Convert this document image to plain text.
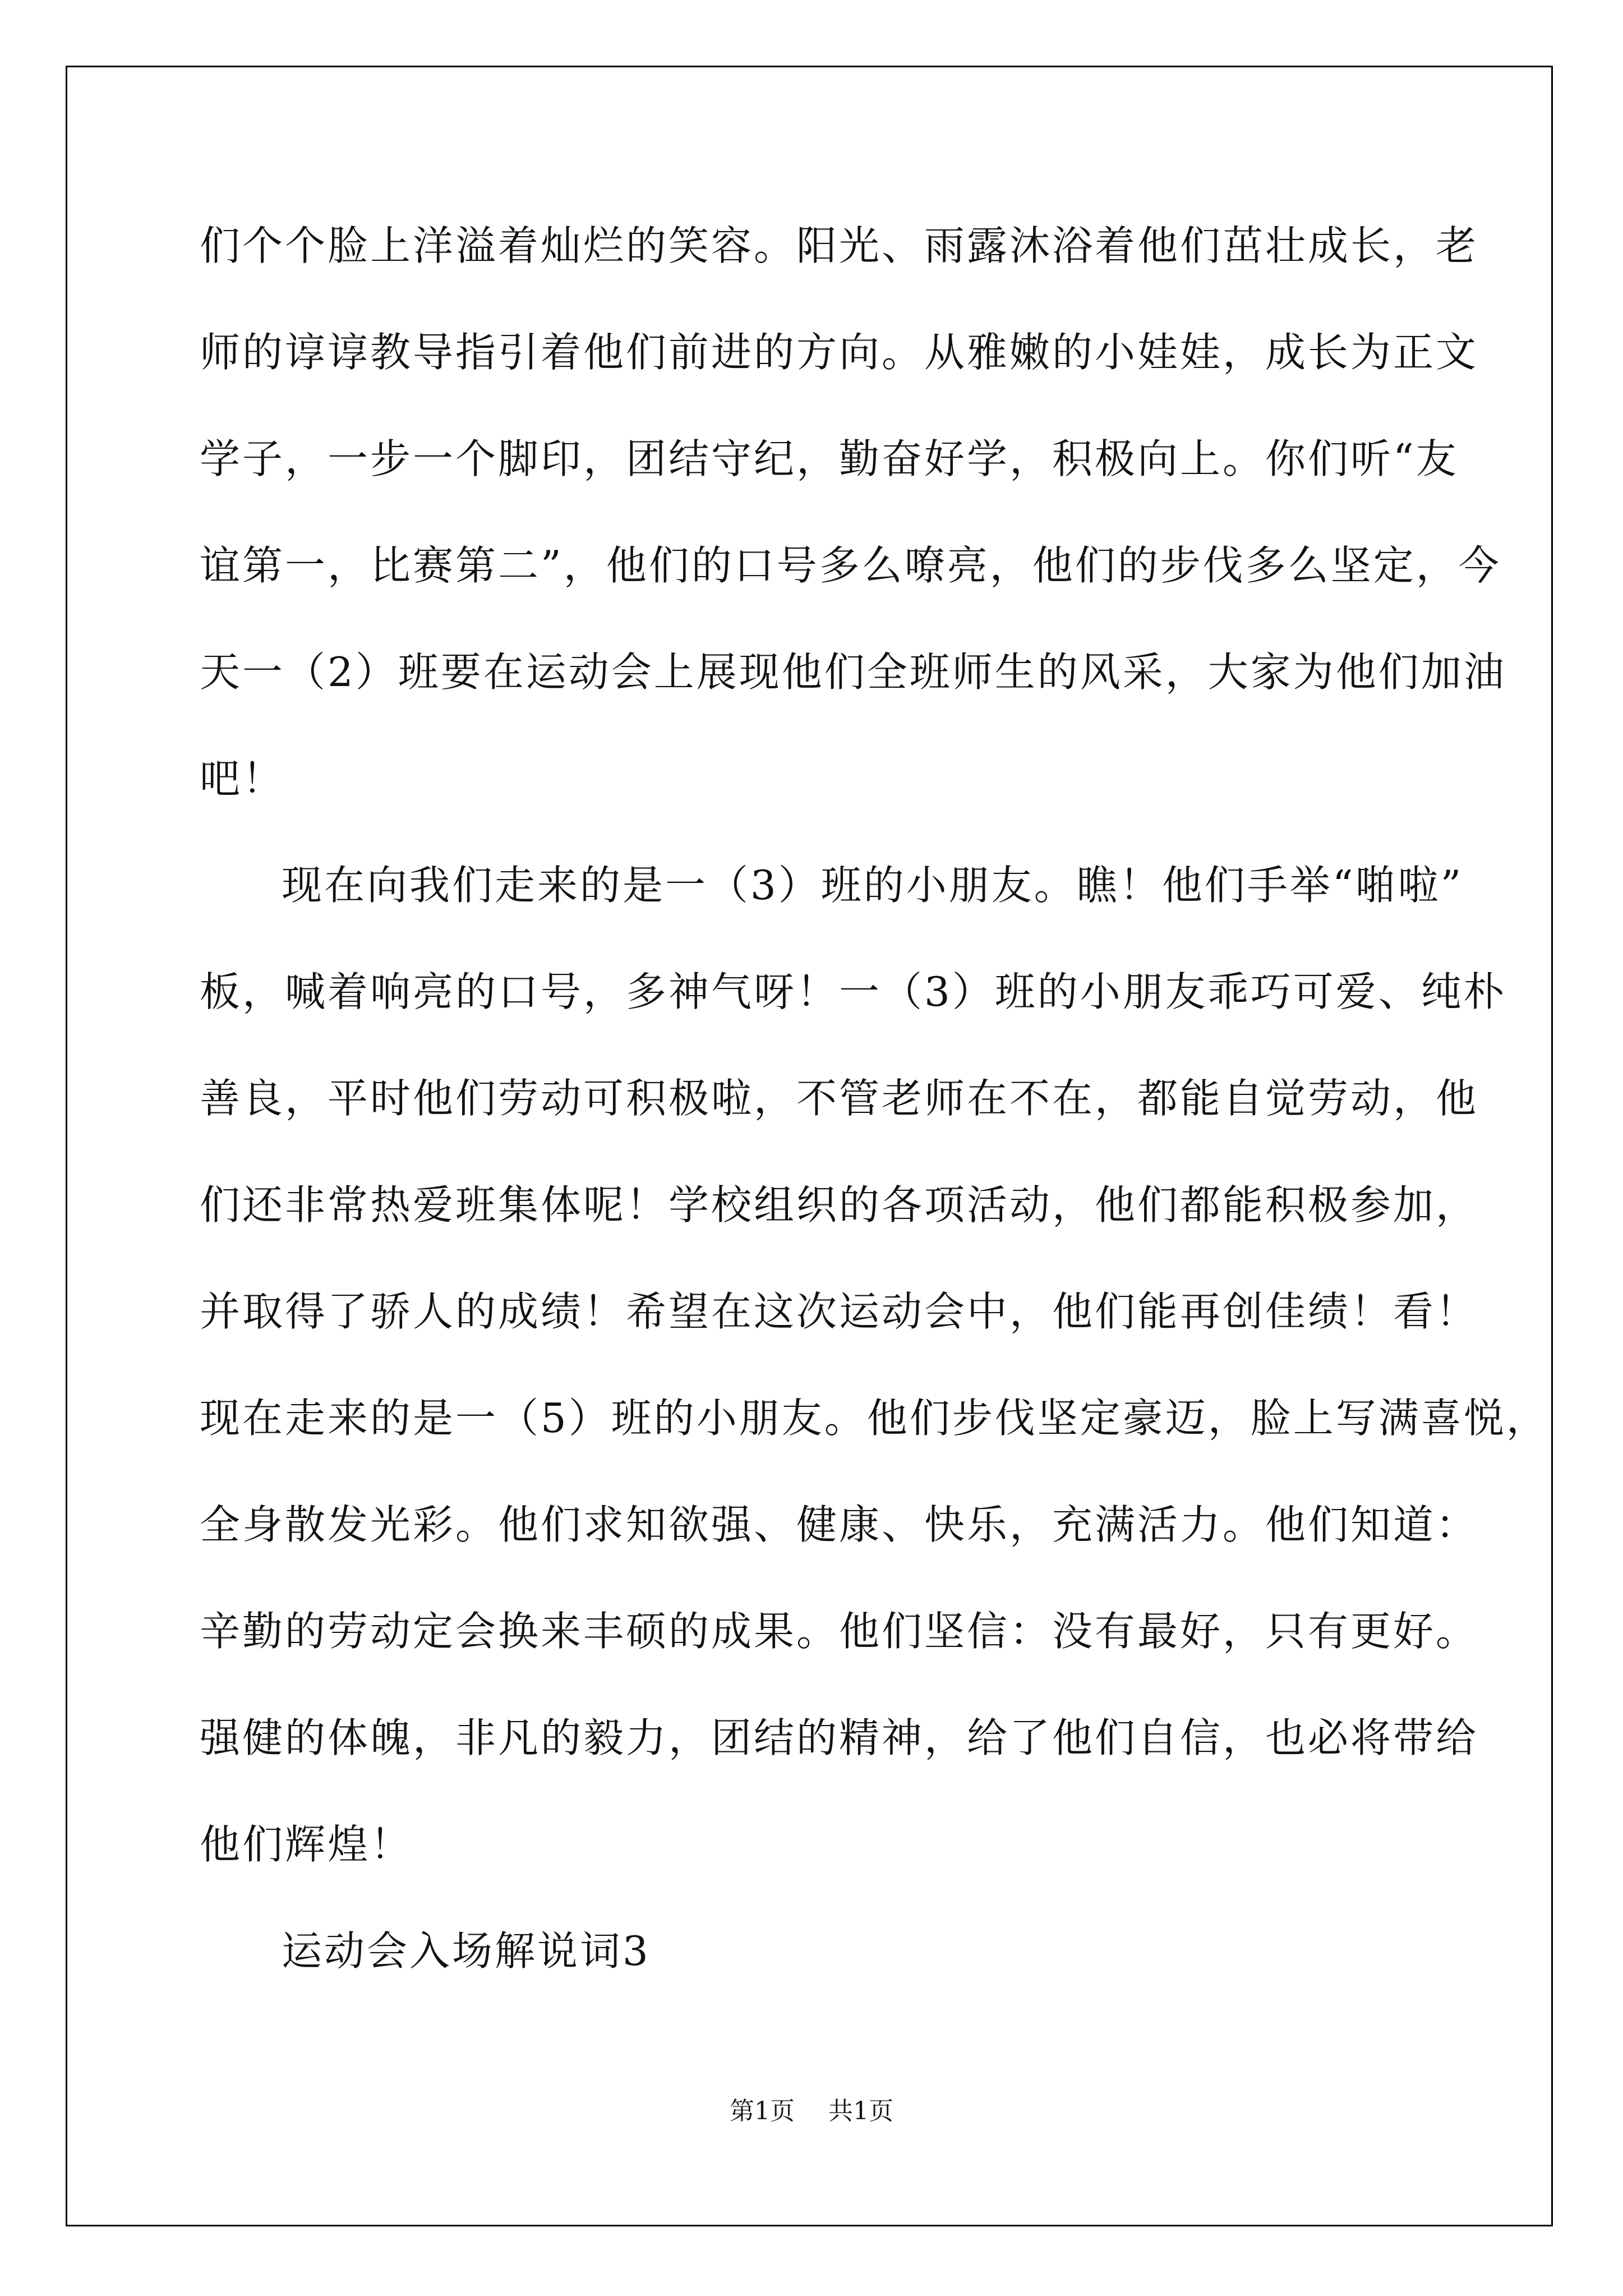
们个个脸上洋溢着灿烂的笑容。阳光、雨露沐浴着他们茁壮成长，老
师的谆谆教导指引着他们前进的方向。从雅嫩的小娃娃，成长为正文
学子，一步一个脚印，团结守纪，勤奋好学，积极向上。你们听“友
谊第一，比赛第二”，他们的口号多么嘹亮，他们的步伐多么坚定，今
天一（2）班要在运动会上展现他们全班师生的风采，大家为他们加油
吧！
现在向我们走来的是一（3）班的小朋友。瞧！他们手举“啪啦”
板，喊着响亮的口号，多神气呀！一（3）班的小朋友乖巧可爱、纯朴
善良，平时他们劳动可积极啦，不管老师在不在，都能自觉劳动，他
们还非常热爱班集体呢！学校组织的各项活动，他们都能积极参加，
并取得了骄人的成绩！希望在这次运动会中，他们能再创佳绩！看！
现在走来的是一（5）班的小朋友。他们步伐坚定豪迈，脸上写满喜悦，
全身散发光彩。他们求知欲强、健康、快乐，充满活力。他们知道：
辛勤的劳动定会换来丰硕的成果。他们坚信：没有最好，只有更好。
强健的体魄，非凡的毅力，团结的精神，给了他们自信，也必将带给
他们辉煌！
运动会入场解说词3
第1页 共1页
